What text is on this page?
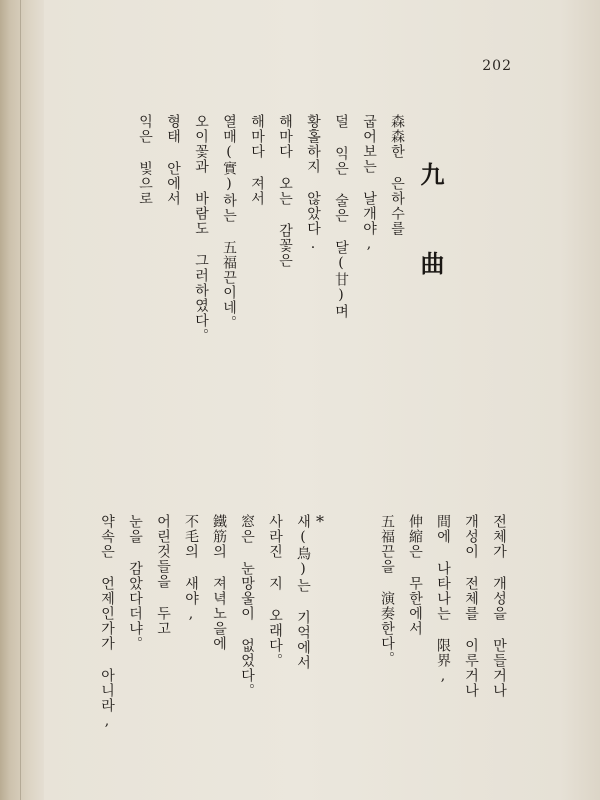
202
九 曲
森森한 은하수를
굽어보는 날개야,
덜 익은 술은 달(甘)며
황홀하지 않았다.
해마다 오는 감꽃은
해마다 져서
열매(實)하는 五福끈이네。
오이꽃과 바람도 그러하였다。
형태 안에서
익은 빛으로
*	전체가 개성을 만들거나
개성이 전체를 이루거나
間에 나타나는 限界,
伸縮은 무한에서
五福끈을 演奏한다。
새(鳥)는 기억에서
사라진 지 오래다。
窓은 눈망울이 없었다。
鐵筋의 져녁노을에
不毛의 새야,
어린것들을 두고
눈을 감았다더냐。
약속은 언제인가가 아니라,
